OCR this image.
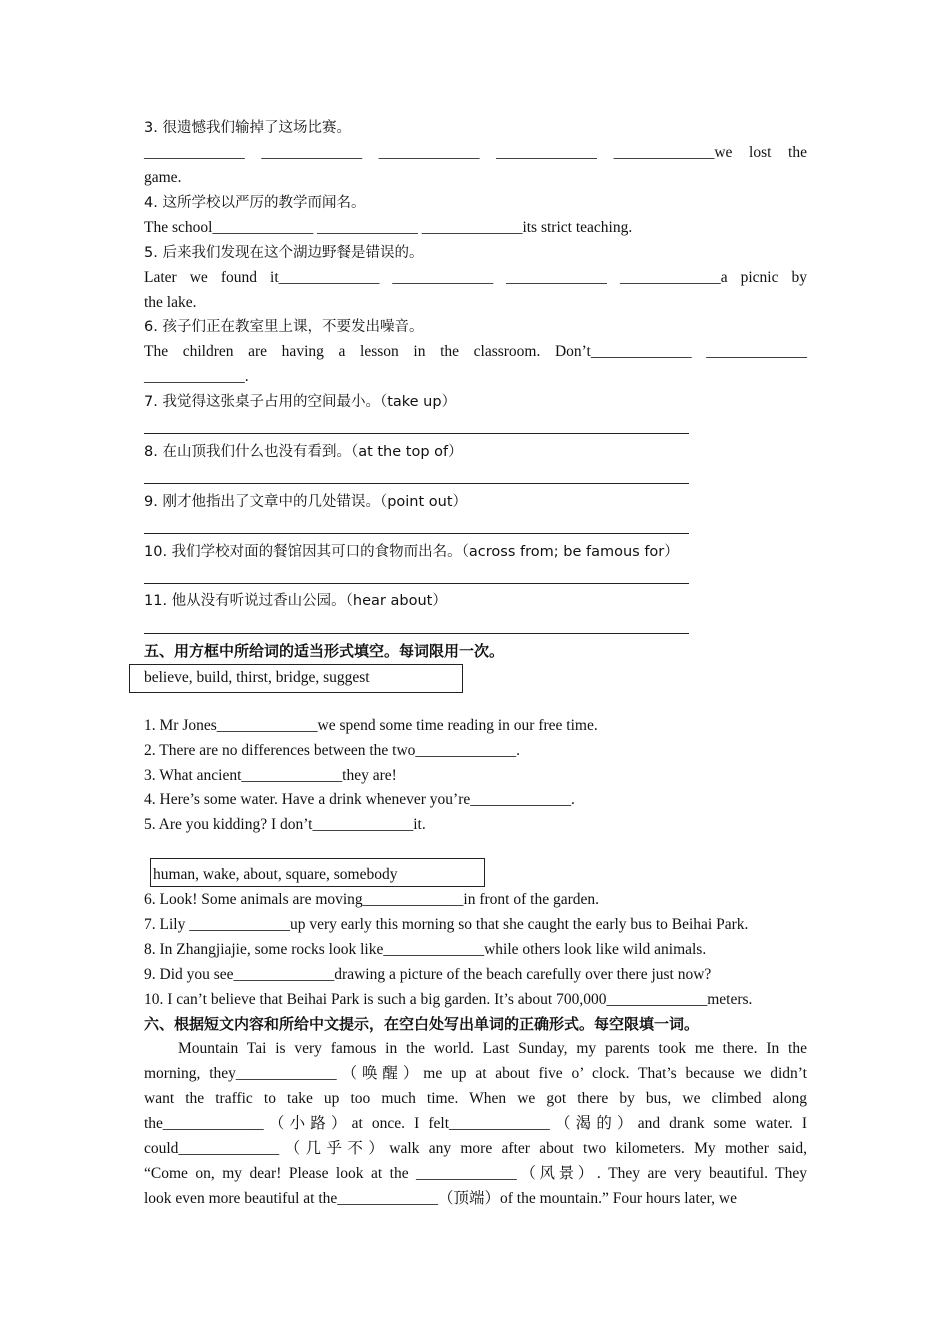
3. 很遗憾我们输掉了这场比赛。
_____________ _____________ _____________ _____________ _____________we lost the
game.
4. 这所学校以严厉的教学而闻名。
The school_____________ _____________ _____________its strict teaching.
5. 后来我们发现在这个湖边野餐是错误的。
Later we found it_____________ _____________ _____________ _____________a picnic by
the lake.
6. 孩子们正在教室里上课，不要发出噪音。
The children are having a lesson in the classroom. Don’t_____________ _____________
_____________.
7. 我觉得这张桌子占用的空间最小。（take up）
8. 在山顶我们什么也没有看到。（at the top of）
9. 刚才他指出了文章中的几处错误。（point out）
10. 我们学校对面的餐馆因其可口的食物而出名。（across from; be famous for）
11. 他从没有听说过香山公园。（hear about）
五、用方框中所给词的适当形式填空。每词限用一次。
believe, build, thirst, bridge, suggest
1. Mr Jones_____________we spend some time reading in our free time.
2. There are no differences between the two_____________.
3. What ancient_____________they are!
4. Here’s some water. Have a drink whenever you’re_____________.
5. Are you kidding? I don’t_____________it.
human, wake, about, square, somebody
6. Look! Some animals are moving_____________in front of the garden.
7. Lily _____________up very early this morning so that she caught the early bus to Beihai Park.
8. In Zhangjiajie, some rocks look like_____________while others look like wild animals.
9. Did you see_____________drawing a picture of the beach carefully over there just now?
10. I can’t believe that Beihai Park is such a big garden. It’s about 700,000_____________meters.
六、根据短文内容和所给中文提示，在空白处写出单词的正确形式。每空限填一词。
Mountain Tai is very famous in the world. Last Sunday, my parents took me there. In the
morning, they_____________（唤醒）me up at about five o’ clock. That’s because we didn’t
want the traffic to take up too much time. When we got there by bus, we climbed along
the_____________（小路）at once. I felt_____________（渴的）and drank some water. I
could_____________（几乎不）walk any more after about two kilometers. My mother said,
“Come on, my dear! Please look at the _____________（风景）. They are very beautiful. They
look even more beautiful at the_____________（顶端）of the mountain.” Four hours later, we
